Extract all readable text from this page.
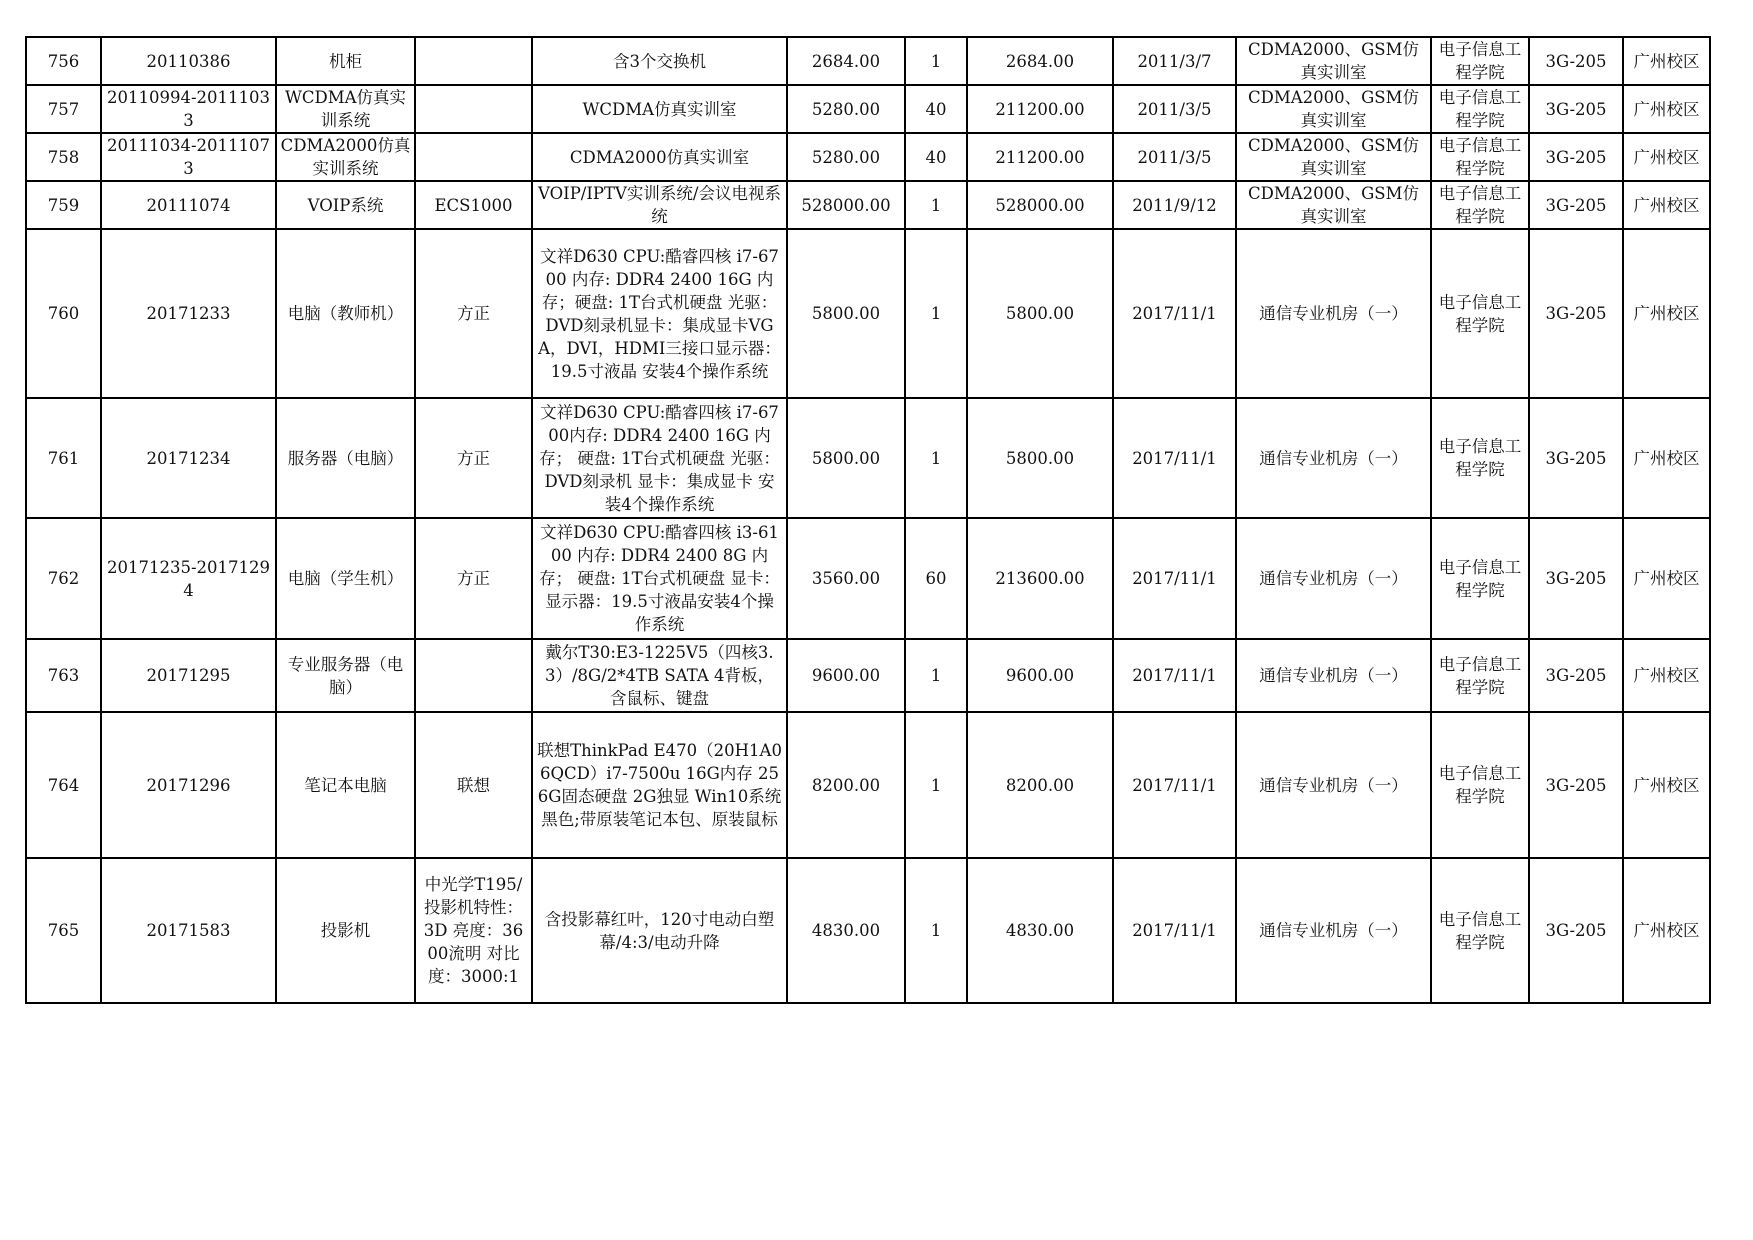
756	20110386	机柜		含3个交换机	2684.00	1	2684.00	2011/3/7	CDMA2000、GSM仿真实训室	电子信息工程学院	3G-205	广州校区
757	20110994-20111033	WCDMA仿真实训系统		WCDMA仿真实训室	5280.00	40	211200.00	2011/3/5	CDMA2000、GSM仿真实训室	电子信息工程学院	3G-205	广州校区
758	20111034-20111073	CDMA2000仿真实训系统		CDMA2000仿真实训室	5280.00	40	211200.00	2011/3/5	CDMA2000、GSM仿真实训室	电子信息工程学院	3G-205	广州校区
759	20111074	VOIP系统	ECS1000	VOIP/IPTV实训系统/会议电视系统	528000.00	1	528000.00	2011/9/12	CDMA2000、GSM仿真实训室	电子信息工程学院	3G-205	广州校区
760	20171233	电脑（教师机）	方正	文祥D630 CPU:酷睿四核 i7-6700 内存: DDR4 2400 16G 内存；硬盘: 1T台式机硬盘 光驱：DVD刻录机显卡：集成显卡VGA，DVI，HDMI三接口显示器：19.5寸液晶 安装4个操作系统	5800.00	1	5800.00	2017/11/1	通信专业机房（一）	电子信息工程学院	3G-205	广州校区
761	20171234	服务器（电脑）	方正	文祥D630 CPU:酷睿四核 i7-6700内存: DDR4 2400 16G 内存； 硬盘: 1T台式机硬盘 光驱：DVD刻录机 显卡：集成显卡 安装4个操作系统	5800.00	1	5800.00	2017/11/1	通信专业机房（一）	电子信息工程学院	3G-205	广州校区
762	20171235-20171294	电脑（学生机）	方正	文祥D630 CPU:酷睿四核 i3-6100 内存: DDR4 2400 8G 内存； 硬盘: 1T台式机硬盘 显卡：显示器：19.5寸液晶安装4个操作系统	3560.00	60	213600.00	2017/11/1	通信专业机房（一）	电子信息工程学院	3G-205	广州校区
763	20171295	专业服务器（电脑）		戴尔T30:E3-1225V5（四核3.3）/8G/2*4TB SATA 4背板，含鼠标、键盘	9600.00	1	9600.00	2017/11/1	通信专业机房（一）	电子信息工程学院	3G-205	广州校区
764	20171296	笔记本电脑	联想	联想ThinkPad E470（20H1A06QCD）i7-7500u 16G内存 256G固态硬盘 2G独显 Win10系统 黑色;带原装笔记本包、原装鼠标	8200.00	1	8200.00	2017/11/1	通信专业机房（一）	电子信息工程学院	3G-205	广州校区
765	20171583	投影机	中光学T195/投影机特性：3D 亮度：3600流明 对比度：3000:1	含投影幕红叶，120寸电动白塑幕/4:3/电动升降	4830.00	1	4830.00	2017/11/1	通信专业机房（一）	电子信息工程学院	3G-205	广州校区
